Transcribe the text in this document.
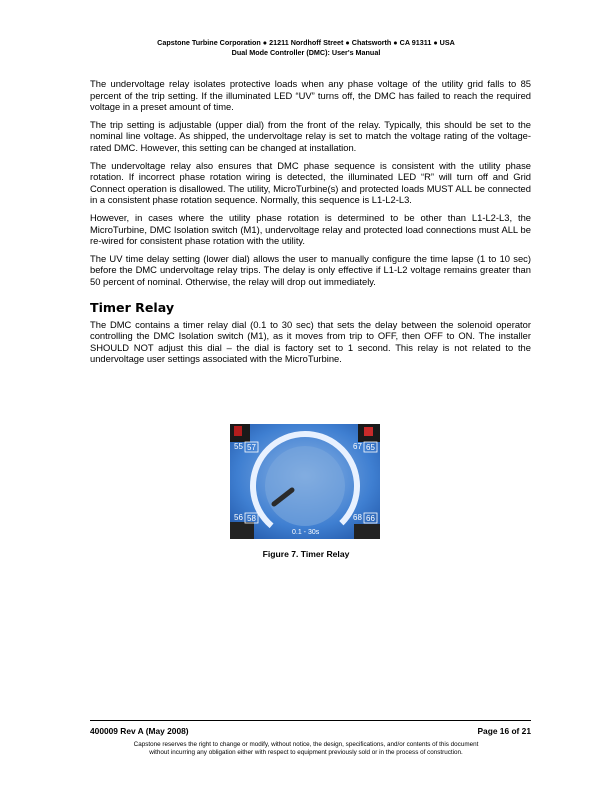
Capstone Turbine Corporation ● 21211 Nordhoff Street ● Chatsworth ● CA 91311 ● USA
Dual Mode Controller (DMC): User's Manual

The undervoltage relay isolates protective loads when any phase voltage of the utility grid falls to 85 percent of the trip setting. If the illuminated LED “UV” turns off, the DMC has failed to reach the required voltage in a preset amount of time.

The trip setting is adjustable (upper dial) from the front of the relay. Typically, this should be set to the nominal line voltage. As shipped, the undervoltage relay is set to match the voltage rating of the voltage-rated DMC. However, this setting can be changed at installation.

The undervoltage relay also ensures that DMC phase sequence is consistent with the utility phase rotation. If incorrect phase rotation wiring is detected, the illuminated LED “R” will turn off and Grid Connect operation is disallowed. The utility, MicroTurbine(s) and protected loads MUST ALL be connected in a consistent phase rotation sequence. Normally, this sequence is L1-L2-L3.

However, in cases where the utility phase rotation is determined to be other than L1-L2-L3, the MicroTurbine, DMC Isolation switch (M1), undervoltage relay and protected load connections must ALL be re-wired for consistent phase rotation with the utility.

The UV time delay setting (lower dial) allows the user to manually configure the time lapse (1 to 10 sec) before the DMC undervoltage relay trips. The delay is only effective if L1-L2 voltage remains greater than 50 percent of nominal. Otherwise, the relay will drop out immediately.

Timer Relay

The DMC contains a timer relay dial (0.1 to 30 sec) that sets the delay between the solenoid operator controlling the DMC Isolation switch (M1), as it moves from trip to OFF, then OFF to ON. The installer SHOULD NOT adjust this dial – the dial is factory set to 1 second. This relay is not related to the undervoltage user settings associated with the MicroTurbine.

55 57	67 65
56 58	68 66
0.1 - 30s
Figure 7. Timer Relay
400009 Rev A (May 2008)	Page 16 of 21
Capstone reserves the right to change or modify, without notice, the design, specifications, and/or contents of this document
without incurring any obligation either with respect to equipment previously sold or in the process of construction.
